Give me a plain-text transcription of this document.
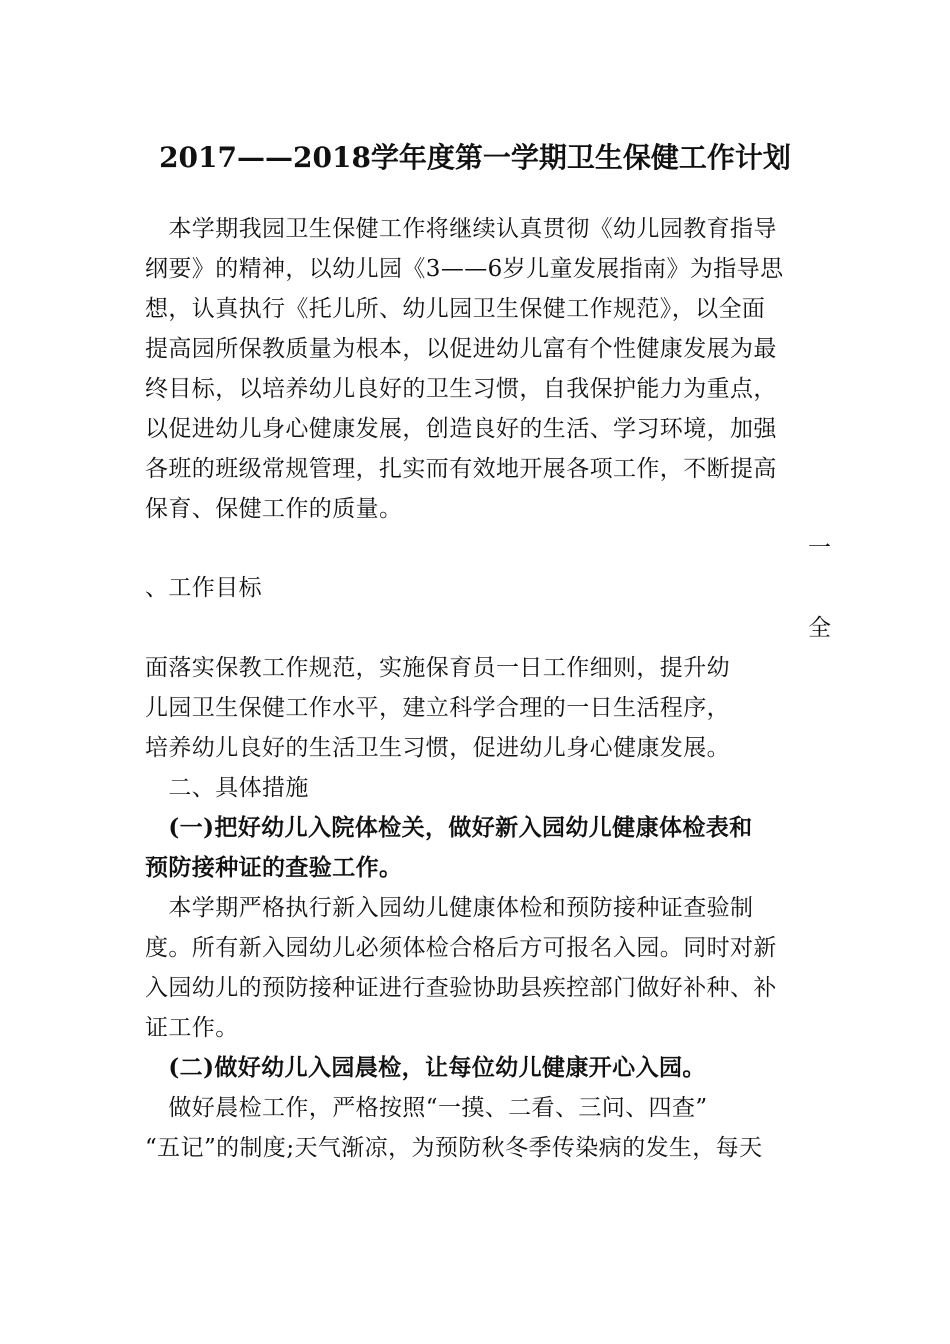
2017——2018学年度第一学期卫生保健工作计划
　本学期我园卫生保健工作将继续认真贯彻《幼儿园教育指导
纲要》的精神，以幼儿园《3——6岁儿童发展指南》为指导思
想，认真执行《托儿所、幼儿园卫生保健工作规范》，以全面
提高园所保教质量为根本，以促进幼儿富有个性健康发展为最
终目标，以培养幼儿良好的卫生习惯，自我保护能力为重点，
以促进幼儿身心健康发展，创造良好的生活、学习环境，加强
各班的班级常规管理，扎实而有效地开展各项工作，不断提高
保育、保健工作的质量。
一
、工作目标
全
面落实保教工作规范，实施保育员一日工作细则，提升幼
儿园卫生保健工作水平，建立科学合理的一日生活程序，
培养幼儿良好的生活卫生习惯，促进幼儿身心健康发展。
　二、具体措施
　(一)把好幼儿入院体检关，做好新入园幼儿健康体检表和
预防接种证的查验工作。
　本学期严格执行新入园幼儿健康体检和预防接种证查验制
度。所有新入园幼儿必须体检合格后方可报名入园。同时对新
入园幼儿的预防接种证进行查验协助县疾控部门做好补种、补
证工作。
　(二)做好幼儿入园晨检，让每位幼儿健康开心入园。
　做好晨检工作，严格按照“一摸、二看、三问、四查”
“五记”的制度;天气渐凉，为预防秋冬季传染病的发生，每天
